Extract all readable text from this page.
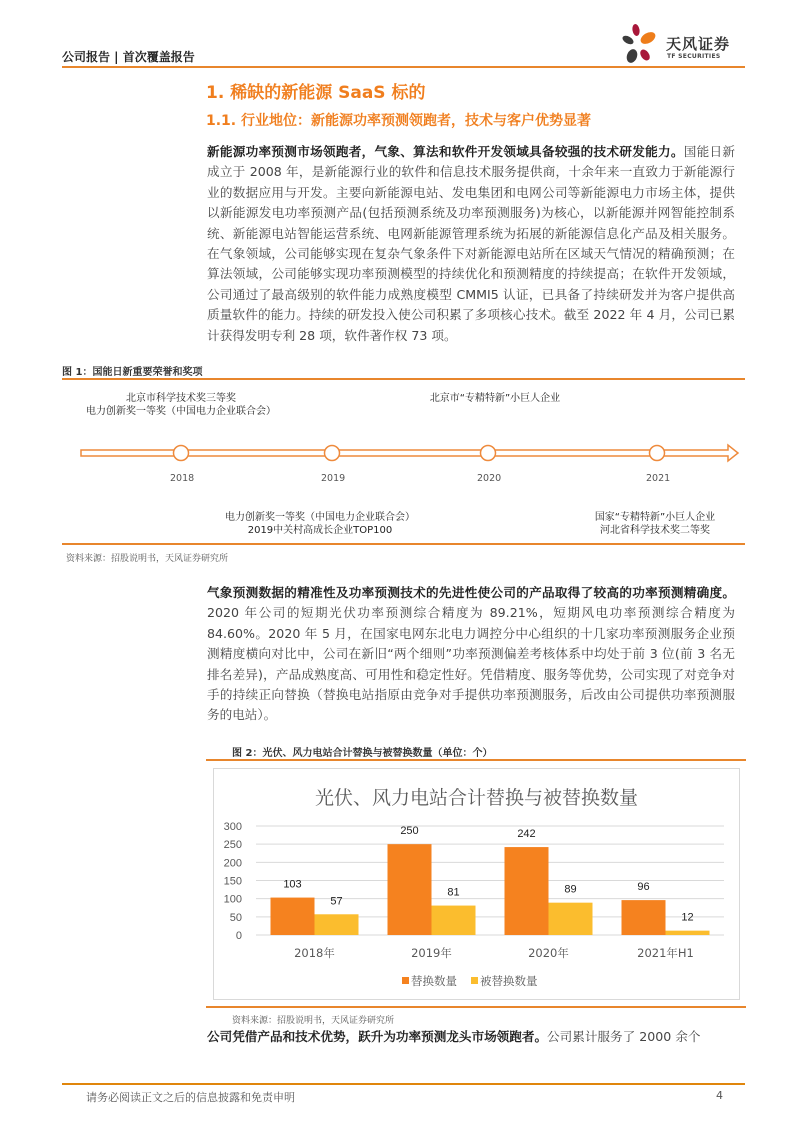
公司报告 | 首次覆盖报告
天风证券
TF SECURITIES
1. 稀缺的新能源 SaaS 标的
1.1. 行业地位：新能源功率预测领跑者，技术与客户优势显著
新能源功率预测市场领跑者，气象、算法和软件开发领域具备较强的技术研发能力。国能日新成立于 2008 年，是新能源行业的软件和信息技术服务提供商，十余年来一直致力于新能源行业的数据应用与开发。主要向新能源电站、发电集团和电网公司等新能源电力市场主体，提供以新能源发电功率预测产品(包括预测系统及功率预测服务)为核心，以新能源并网智能控制系统、新能源电站智能运营系统、电网新能源管理系统为拓展的新能源信息化产品及相关服务。 在气象领域，公司能够实现在复杂气象条件下对新能源电站所在区域天气情况的精确预测；在算法领域，公司能够实现功率预测模型的持续优化和预测精度的持续提高；在软件开发领域，公司通过了最高级别的软件能力成熟度模型 CMMI5 认证，已具备了持续研发并为客户提供高质量软件的能力。持续的研发投入使公司积累了多项核心技术。截至 2022 年 4 月，公司已累计获得发明专利 28 项，软件著作权 73 项。
图 1：国能日新重要荣誉和奖项
北京市科学技术奖三等奖
电力创新奖一等奖（中国电力企业联合会）
北京市“专精特新”小巨人企业
2018	2019	2020	2021
电力创新奖一等奖（中国电力企业联合会）
2019中关村高成长企业TOP100
国家“专精特新”小巨人企业
河北省科学技术奖二等奖
资料来源：招股说明书，天风证券研究所
气象预测数据的精准性及功率预测技术的先进性使公司的产品取得了较高的功率预测精确度。2020 年公司的短期光伏功率预测综合精度为 89.21%，短期风电功率预测综合精度为 84.60%。2020 年 5 月，在国家电网东北电力调控分中心组织的十几家功率预测服务企业预测精度横向对比中，公司在新旧“两个细则”功率预测偏差考核体系中均处于前 3 位(前 3 名无排名差异)，产品成熟度高、可用性和稳定性好。凭借精度、服务等优势，公司实现了对竞争对手的持续正向替换（替换电站指原由竞争对手提供功率预测服务，后改由公司提供功率预测服务的电站）。
图 2：光伏、风力电站合计替换与被替换数量（单位：个）
光伏、风力电站合计替换与被替换数量
0
50
100
150
200
250
300
103
57
2018年
250
81
2019年
242
89
2020年
96
12
2021年H1
替换数量 被替换数量
资料来源：招股说明书，天风证券研究所
公司凭借产品和技术优势，跃升为功率预测龙头市场领跑者。公司累计服务了 2000 余个
请务必阅读正文之后的信息披露和免责申明	4
